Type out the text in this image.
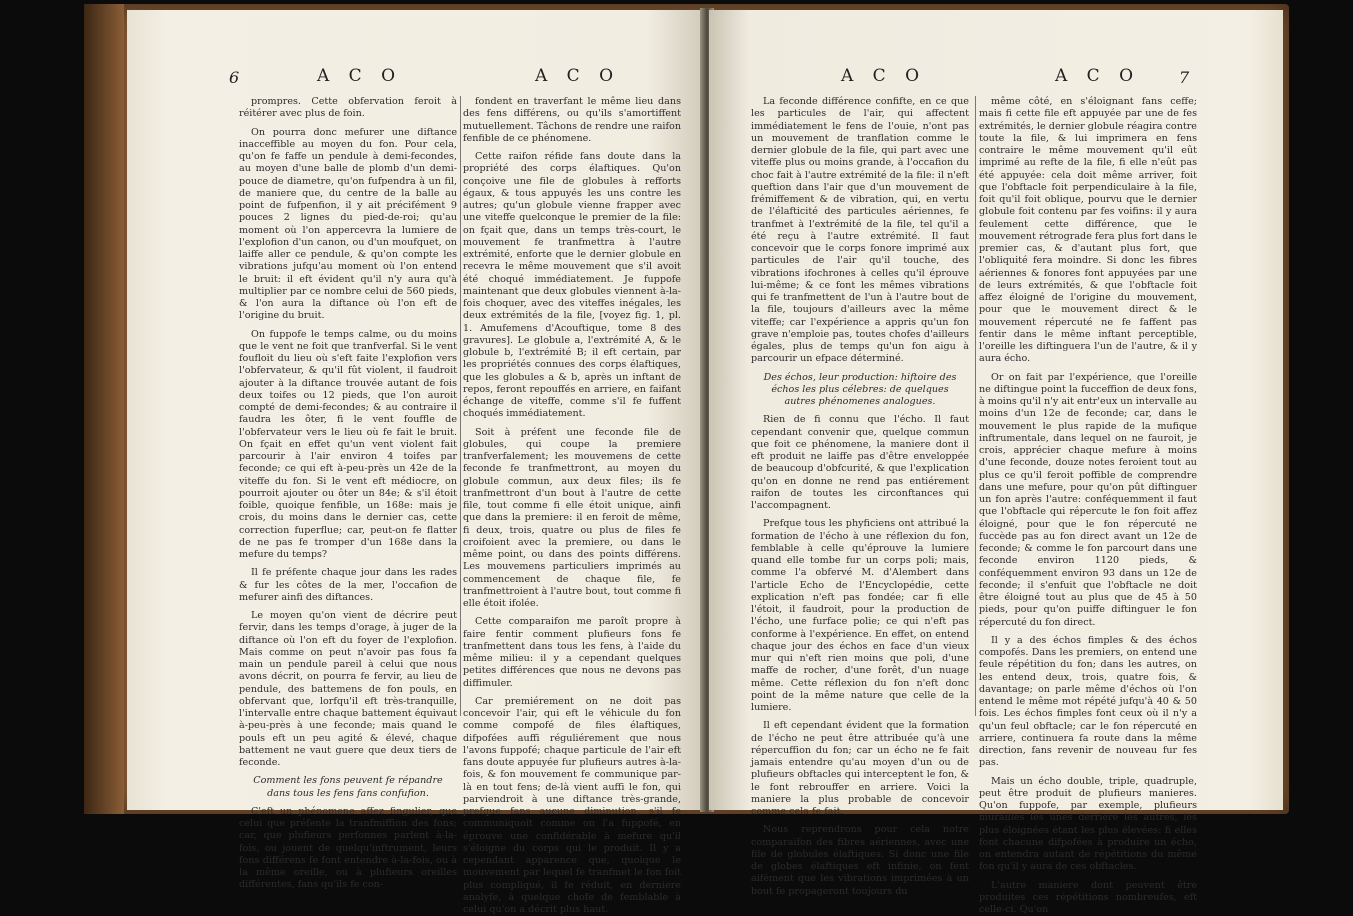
6	A C O	A C O

prompres. Cette obfervation feroit à réitérer avec plus de foin.

On pourra donc mefurer une diftance inacceffible au moyen du fon. Pour cela, qu'on fe faffe un pendule à demi-fecondes, au moyen d'une balle de plomb d'un demi-pouce de diametre, qu'on fufpendra à un fil, de maniere que, du centre de la balle au point de fufpenfion, il y ait précifément 9 pouces 2 lignes du pied-de-roi; qu'au moment où l'on appercevra la lumiere de l'explofion d'un canon, ou d'un moufquet, on laiffe aller ce pendule, & qu'on compte les vibrations jufqu'au moment où l'on entend le bruit: il eft évident qu'il n'y aura qu'à multiplier par ce nombre celui de 560 pieds, & l'on aura la diftance où l'on eft de l'origine du bruit.

On fuppofe le temps calme, ou du moins que le vent ne foit que tranfverfal. Si le vent foufloit du lieu où s'eft faite l'explofion vers l'obfervateur, & qu'il fût violent, il faudroit ajouter à la diftance trouvée autant de fois deux toifes ou 12 pieds, que l'on auroit compté de demi-fecondes; & au contraire il faudra les ôter, fi le vent fouffle de l'obfervateur vers le lieu où fe fait le bruit. On fçait en effet qu'un vent violent fait parcourir à l'air environ 4 toifes par feconde; ce qui eft à-peu-près un 42e de la viteffe du fon. Si le vent eft médiocre, on pourroit ajouter ou ôter un 84e; & s'il étoit foible, quoique fenfible, un 168e: mais je crois, du moins dans le dernier cas, cette correction fuperflue; car, peut-on fe flatter de ne pas fe tromper d'un 168e dans la mefure du temps?

Il fe préfente chaque jour dans les rades & fur les côtes de la mer, l'occafion de mefurer ainfi des diftances.

Le moyen qu'on vient de décrire peut fervir, dans les temps d'orage, à juger de la diftance où l'on eft du foyer de l'explofion. Mais comme on peut n'avoir pas fous fa main un pendule pareil à celui que nous avons décrit, on pourra fe fervir, au lieu de pendule, des battemens de fon pouls, en obfervant que, lorfqu'il eft très-tranquille, l'intervalle entre chaque battement équivaut à-peu-près à une feconde; mais quand le pouls eft un peu agité & élevé, chaque battement ne vaut guere que deux tiers de feconde.

Comment les fons peuvent fe répandre dans tous les fens fans confufion.

C'eft un phénomene affez fingulier, que celui que préfente la tranfmiffion des fons; car, que plufieurs perfonnes parlent à-la-fois, ou jouent de quelqu'inftrument, leurs fons différens fe font entendre à-la-fois, ou à la même oreille, ou à plufieurs oreilles différentes, fans qu'ils fe con-

fondent en traverfant le même lieu dans des fens différens, ou qu'ils s'amortiffent mutuellement. Tâchons de rendre une raifon fenfible de ce phénomene.

Cette raifon réfide fans doute dans la propriété des corps élaftiques. Qu'on conçoive une file de globules à refforts égaux, & tous appuyés les uns contre les autres; qu'un globule vienne frapper avec une viteffe quelconque le premier de la file: on fçait que, dans un temps très-court, le mouvement fe tranfmettra à l'autre extrémité, enforte que le dernier globule en recevra le même mouvement que s'il avoit été choqué immédiatement. Je fuppofe maintenant que deux globules viennent à-la-fois choquer, avec des viteffes inégales, les deux extrémités de la file, [voyez fig. 1, pl. 1. Amufemens d'Acouftique, tome 8 des gravures]. Le globule a, l'extrémité A, & le globule b, l'extrémité B; il eft certain, par les propriétés connues des corps élaftiques, que les globules a & b, après un inftant de repos, feront repouffés en arriere, en faifant échange de viteffe, comme s'il fe fuffent choqués immédiatement.

Soit à préfent une feconde file de globules, qui coupe la premiere tranfverfalement; les mouvemens de cette feconde fe tranfmettront, au moyen du globule commun, aux deux files; ils fe tranfmettront d'un bout à l'autre de cette file, tout comme fi elle étoit unique, ainfi que dans la premiere: il en feroit de même, fi deux, trois, quatre ou plus de files fe croifoient avec la premiere, ou dans le même point, ou dans des points différens. Les mouvemens particuliers imprimés au commencement de chaque file, fe tranfmettroient à l'autre bout, tout comme fi elle étoit ifolée.

Cette comparaifon me paroît propre à faire fentir comment plufieurs fons fe tranfmettent dans tous les fens, à l'aide du même milieu: il y a cependant quelques petites différences que nous ne devons pas diffimuler.

Car premiérement on ne doit pas concevoir l'air, qui eft le véhicule du fon comme compofé de files élaftiques, difpofées auffi réguliérement que nous l'avons fuppofé; chaque particule de l'air eft fans doute appuyée fur plufieurs autres à-la-fois, & fon mouvement fe communique par-là en tout fens; de-là vient auffi le fon, qui parviendroit à une diftance très-grande, prefque fans aucune diminution, s'il fe communiquoit comme on l'a fuppofé, en éprouve une confidérable à mefure qu'il s'éloigne du corps qui le produit. Il y a cependant apparence que, quoique le mouvement par lequel fe tranfmet le fon foit plus compliqué, il fe réduit, en derniere analyfe, à quelque chofe de femblable à celui qu'on a décrit plus haut.

A C O	A C O 7

La feconde différence confifte, en ce que les particules de l'air, qui affectent immédiatement le fens de l'ouie, n'ont pas un mouvement de tranflation comme le dernier globule de la file, qui part avec une viteffe plus ou moins grande, à l'occafion du choc fait à l'autre extrémité de la file: il n'eft queftion dans l'air que d'un mouvement de frémiffement & de vibration, qui, en vertu de l'élafticité des particules aériennes, fe tranfmet à l'extrémité de la file, tel qu'il a été reçu à l'autre extrémité. Il faut concevoir que le corps fonore imprimé aux particules de l'air qu'il touche, des vibrations ifochrones à celles qu'il éprouve lui-même; & ce font les mêmes vibrations qui fe tranfmettent de l'un à l'autre bout de la file, toujours d'ailleurs avec la même viteffe; car l'expérience a appris qu'un fon grave n'emploie pas, toutes chofes d'ailleurs égales, plus de temps qu'un fon aigu à parcourir un efpace déterminé.

Des échos, leur production: hiftoire des échos les plus célebres: de quelques autres phénomenes analogues.

Rien de fi connu que l'écho. Il faut cependant convenir que, quelque commun que foit ce phénomene, la maniere dont il eft produit ne laiffe pas d'être enveloppée de beaucoup d'obfcurité, & que l'explication qu'on en donne ne rend pas entiérement raifon de toutes les circonftances qui l'accompagnent.

Prefque tous les phyficiens ont attribué la formation de l'écho à une réflexion du fon, femblable à celle qu'éprouve la lumiere quand elle tombe fur un corps poli; mais, comme l'a obfervé M. d'Alembert dans l'article Echo de l'Encyclopédie, cette explication n'eft pas fondée; car fi elle l'étoit, il faudroit, pour la production de l'écho, une furface polie; ce qui n'eft pas conforme à l'expérience. En effet, on entend chaque jour des échos en face d'un vieux mur qui n'eft rien moins que poli, d'une maffe de rocher, d'une forêt, d'un nuage même. Cette réflexion du fon n'eft donc point de la même nature que celle de la lumiere.

Il eft cependant évident que la formation de l'écho ne peut être attribuée qu'à une répercuffion du fon; car un écho ne fe fait jamais entendre qu'au moyen d'un ou de plufieurs obftacles qui interceptent le fon, & le font rebrouffer en arriere. Voici la maniere la plus probable de concevoir comme cela fe fait.

Nous reprendrons pour cela notre comparaifon des fibres aériennes, avec une file de globules élaftiques. Si donc une file de globes élaftiques eft infinie, on fent aifément que les vibrations imprimées à un bout fe propageront toujours du

même côté, en s'éloignant fans ceffe; mais fi cette file eft appuyée par une de fes extrémités, le dernier globule réagira contre toute la file, & lui imprimera en fens contraire le même mouvement qu'il eût imprimé au refte de la file, fi elle n'eût pas été appuyée: cela doit même arriver, foit que l'obftacle foit perpendiculaire à la file, foit qu'il foit oblique, pourvu que le dernier globule foit contenu par fes voifins: il y aura feulement cette différence, que le mouvement rétrograde fera plus fort dans le premier cas, & d'autant plus fort, que l'obliquité fera moindre. Si donc les fibres aériennes & fonores font appuyées par une de leurs extrémités, & que l'obftacle foit affez éloigné de l'origine du mouvement, pour que le mouvement direct & le mouvement répercuté ne fe faffent pas fentir dans le même inftant perceptible, l'oreille les diftinguera l'un de l'autre, & il y aura écho.

Or on fait par l'expérience, que l'oreille ne diftingue point la fucceffion de deux fons, à moins qu'il n'y ait entr'eux un intervalle au moins d'un 12e de feconde; car, dans le mouvement le plus rapide de la mufique inftrumentale, dans lequel on ne fauroit, je crois, apprécier chaque mefure à moins d'une feconde, douze notes feroient tout au plus ce qu'il feroit poffible de comprendre dans une mefure, pour qu'on pût diftinguer un fon après l'autre: conféquemment il faut que l'obftacle qui répercute le fon foit affez éloigné, pour que le fon répercuté ne fuccède pas au fon direct avant un 12e de feconde; & comme le fon parcourt dans une feconde environ 1120 pieds, & conféquemment environ 93 dans un 12e de feconde; il s'enfuit que l'obftacle ne doit être éloigné tout au plus que de 45 à 50 pieds, pour qu'on puiffe diftinguer le fon répercuté du fon direct.

Il y a des échos fimples & des échos compofés. Dans les premiers, on entend une feule répétition du fon; dans les autres, on les entend deux, trois, quatre fois, & davantage; on parle même d'échos où l'on entend le même mot répété jufqu'à 40 & 50 fois. Les échos fimples font ceux où il n'y a qu'un feul obftacle; car le fon répercuté en arriere, continuera fa route dans la même direction, fans revenir de nouveau fur fes pas.

Mais un écho double, triple, quadruple, peut être produit de plufieurs manieres. Qu'on fuppofe, par exemple, plufieurs murailles les unes derriere les autres, les plus éloignées étant les plus élevées: fi elles font chacune difpofées à produire un écho, on entendra autant de répétitions du même fon qu'il y aura de ces obftacles.

L'autre maniere dont peuvent être produites ces répétitions nombreufes, eft celle-ci. Qu'on
